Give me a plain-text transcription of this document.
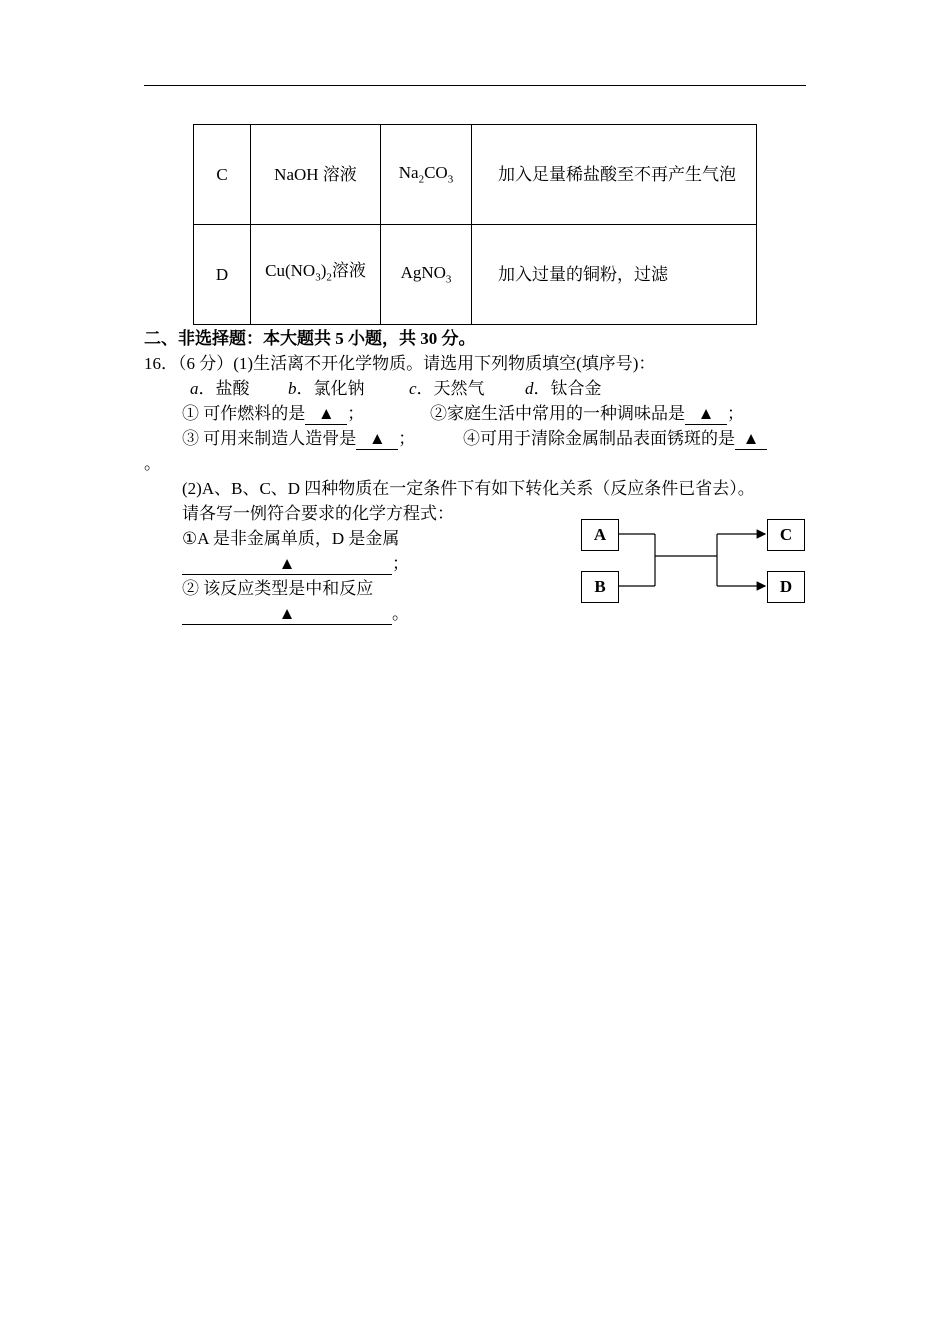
C	NaOH 溶液	$Na_2CO_3$	加入足量稀盐酸至不再产生气泡
D	$Cu(NO_3)_2$溶液	AgNO$_3$	加入过量的铜粉，过滤
二、非选择题：本大题共 5 小题，共 30 分。
16．（6 分）(1)生活离不开化学物质。请选用下列物质填空(填序号)：
a．盐酸 b．氯化钠	c．天然气 d．钛合金
① 可作燃料的是 ▲ ；	②家庭生活中常用的一种调味品是 ▲ ；
③ 可用来制造人造骨是 ▲ ；	④可用于清除金属制品表面锈斑的是 ▲
。
(2)A、B、C、D 四种物质在一定条件下有如下转化关系（反应条件已省去）。
请各写一例符合要求的化学方程式：
①A 是非金属单质，D 是金属
▲	；
② 该反应类型是中和反应
▲	。
A
B
C
D
